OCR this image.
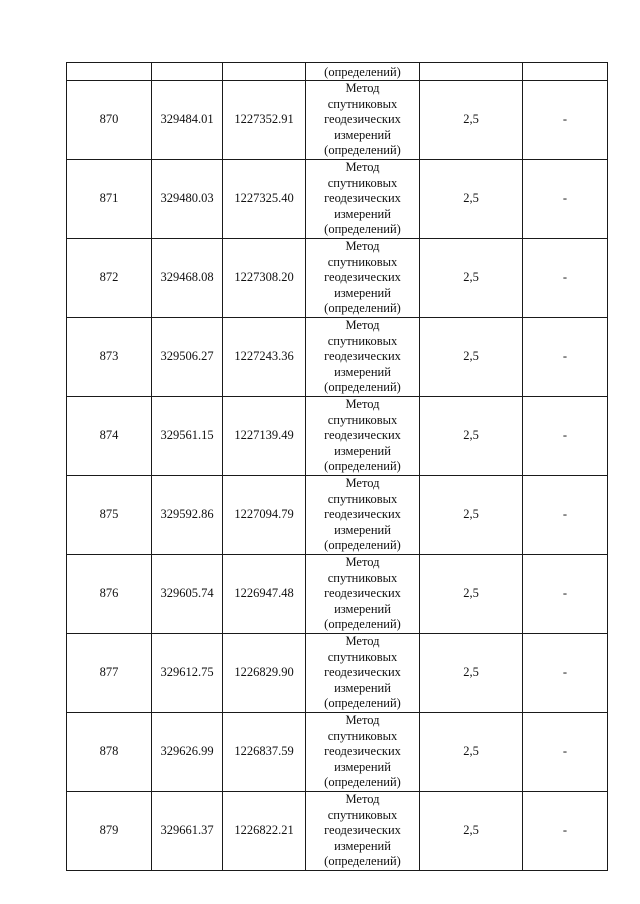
			(определений)		
870	329484.01	1227352.91	Метод
спутниковых
геодезических
измерений
(определений)	2,5	-
871	329480.03	1227325.40	Метод
спутниковых
геодезических
измерений
(определений)	2,5	-
872	329468.08	1227308.20	Метод
спутниковых
геодезических
измерений
(определений)	2,5	-
873	329506.27	1227243.36	Метод
спутниковых
геодезических
измерений
(определений)	2,5	-
874	329561.15	1227139.49	Метод
спутниковых
геодезических
измерений
(определений)	2,5	-
875	329592.86	1227094.79	Метод
спутниковых
геодезических
измерений
(определений)	2,5	-
876	329605.74	1226947.48	Метод
спутниковых
геодезических
измерений
(определений)	2,5	-
877	329612.75	1226829.90	Метод
спутниковых
геодезических
измерений
(определений)	2,5	-
878	329626.99	1226837.59	Метод
спутниковых
геодезических
измерений
(определений)	2,5	-
879	329661.37	1226822.21	Метод
спутниковых
геодезических
измерений
(определений)	2,5	-
